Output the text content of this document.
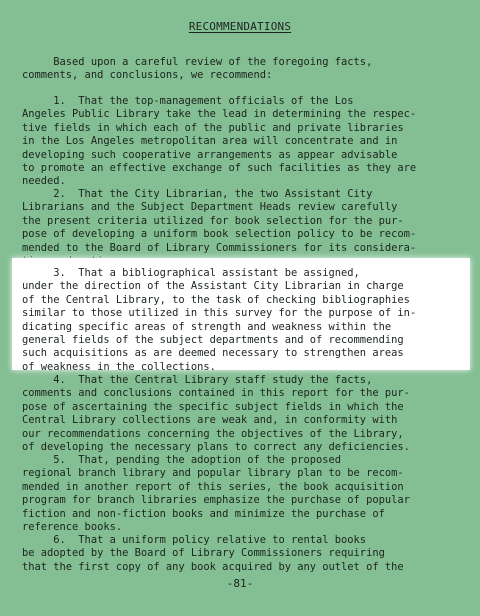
RECOMMENDATIONS
Based upon a careful review of the foregoing facts,
comments, and conclusions, we recommend:
1.  That the top-management officials of the Los
Angeles Public Library take the lead in determining the respec-
tive fields in which each of the public and private libraries
in the Los Angeles metropolitan area will concentrate and in
developing such cooperative arrangements as appear advisable
to promote an effective exchange of such facilities as they are
needed.
2.  That the City Librarian, the two Assistant City
Librarians and the Subject Department Heads review carefully
the present criteria utilized for book selection for the pur-
pose of developing a uniform book selection policy to be recom-
mended to the Board of Library Commissioners for its considera-

3.  That a bibliographical assistant be assigned,
under the direction of the Assistant City Librarian in charge
of the Central Library, to the task of checking bibliographies
similar to those utilized in this survey for the purpose of in-
dicating specific areas of strength and weakness within the
general fields of the subject departments and of recommending
such acquisitions as are deemed necessary to strengthen areas
of weakness in the collections.
4.  That the Central Library staff study the facts,
comments and conclusions contained in this report for the pur-
pose of ascertaining the specific subject fields in which the
Central Library collections are weak and, in conformity with
our recommendations concerning the objectives of the Library,
of developing the necessary plans to correct any deficiencies.
5.  That, pending the adoption of the proposed
regional branch library and popular library plan to be recom-
mended in another report of this series, the book acquisition
program for branch libraries emphasize the purchase of popular
fiction and non-fiction books and minimize the purchase of
reference books.
6.  That a uniform policy relative to rental books
be adopted by the Board of Library Commissioners requiring
that the first copy of any book acquired by any outlet of the
-81-
